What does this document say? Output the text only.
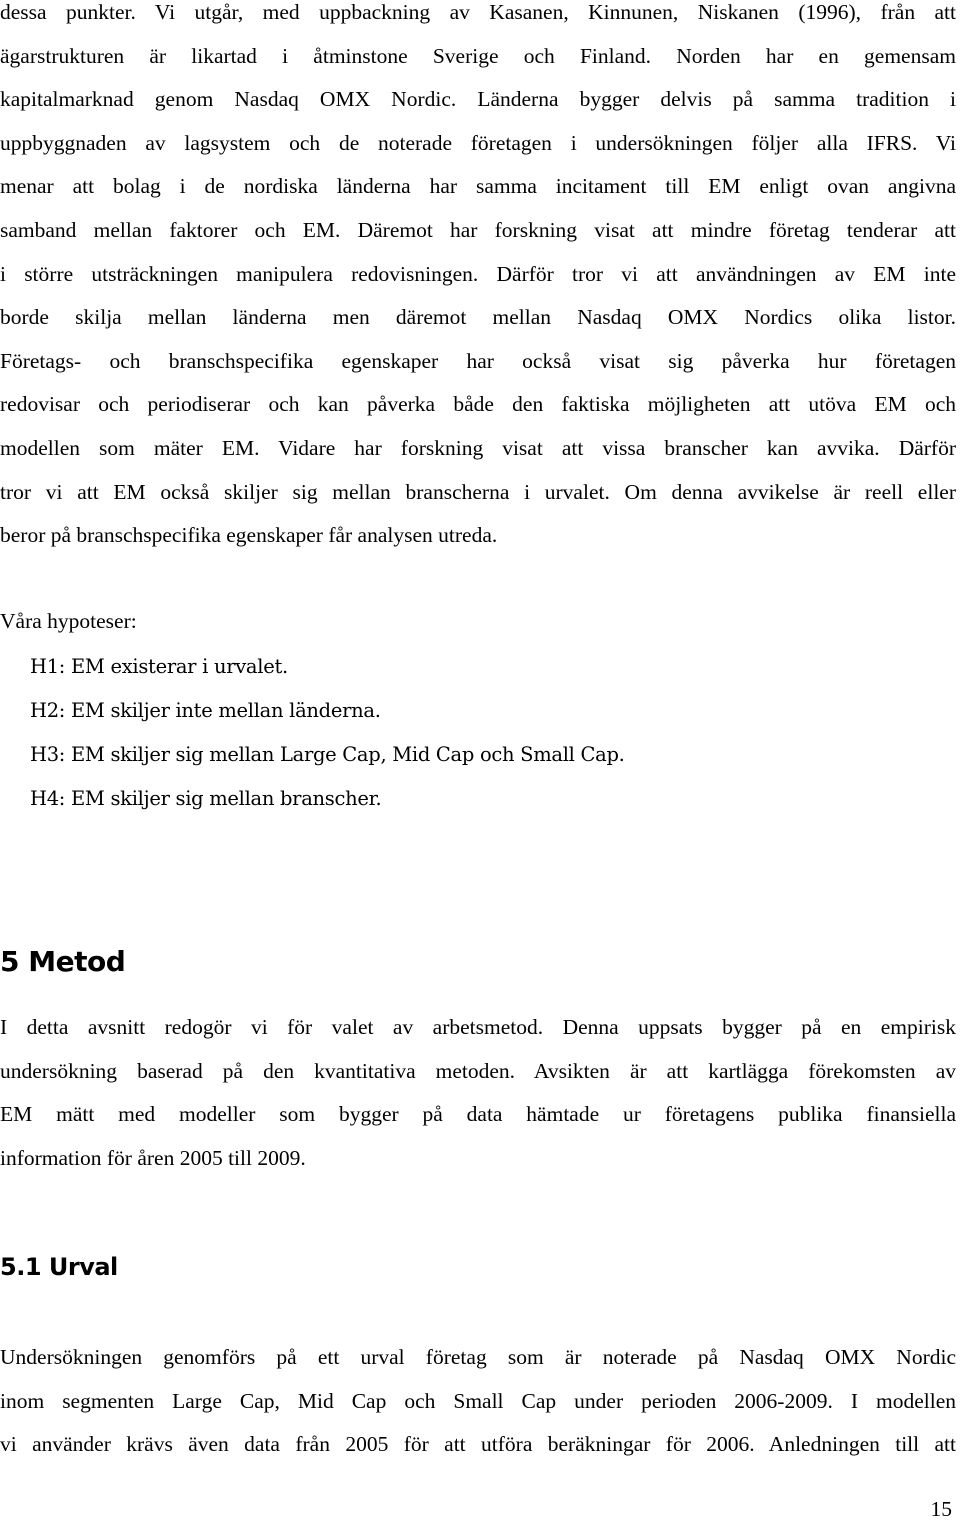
dessa punkter. Vi utgår, med uppbackning av Kasanen, Kinnunen, Niskanen (1996), från att
ägarstrukturen är likartad i åtminstone Sverige och Finland. Norden har en gemensam
kapitalmarknad genom Nasdaq OMX Nordic. Länderna bygger delvis på samma tradition i
uppbyggnaden av lagsystem och de noterade företagen i undersökningen följer alla IFRS. Vi
menar att bolag i de nordiska länderna har samma incitament till EM enligt ovan angivna
samband mellan faktorer och EM. Däremot har forskning visat att mindre företag tenderar att
i större utsträckningen manipulera redovisningen. Därför tror vi att användningen av EM inte
borde skilja mellan länderna men däremot mellan Nasdaq OMX Nordics olika listor.
Företags- och branschspecifika egenskaper har också visat sig påverka hur företagen
redovisar och periodiserar och kan påverka både den faktiska möjligheten att utöva EM och
modellen som mäter EM. Vidare har forskning visat att vissa branscher kan avvika. Därför
tror vi att EM också skiljer sig mellan branscherna i urvalet. Om denna avvikelse är reell eller
beror på branschspecifika egenskaper får analysen utreda.

Våra hypoteser:

H1: EM existerar i urvalet.
H2: EM skiljer inte mellan länderna.
H3: EM skiljer sig mellan Large Cap, Mid Cap och Small Cap.
H4: EM skiljer sig mellan branscher.
5 Metod
I detta avsnitt redogör vi för valet av arbetsmetod. Denna uppsats bygger på en empirisk
undersökning baserad på den kvantitativa metoden. Avsikten är att kartlägga förekomsten av
EM mätt med modeller som bygger på data hämtade ur företagens publika finansiella
information för åren 2005 till 2009.
5.1 Urval
Undersökningen genomförs på ett urval företag som är noterade på Nasdaq OMX Nordic
inom segmenten Large Cap, Mid Cap och Small Cap under perioden 2006-2009. I modellen
vi använder krävs även data från 2005 för att utföra beräkningar för 2006. Anledningen till att
15
